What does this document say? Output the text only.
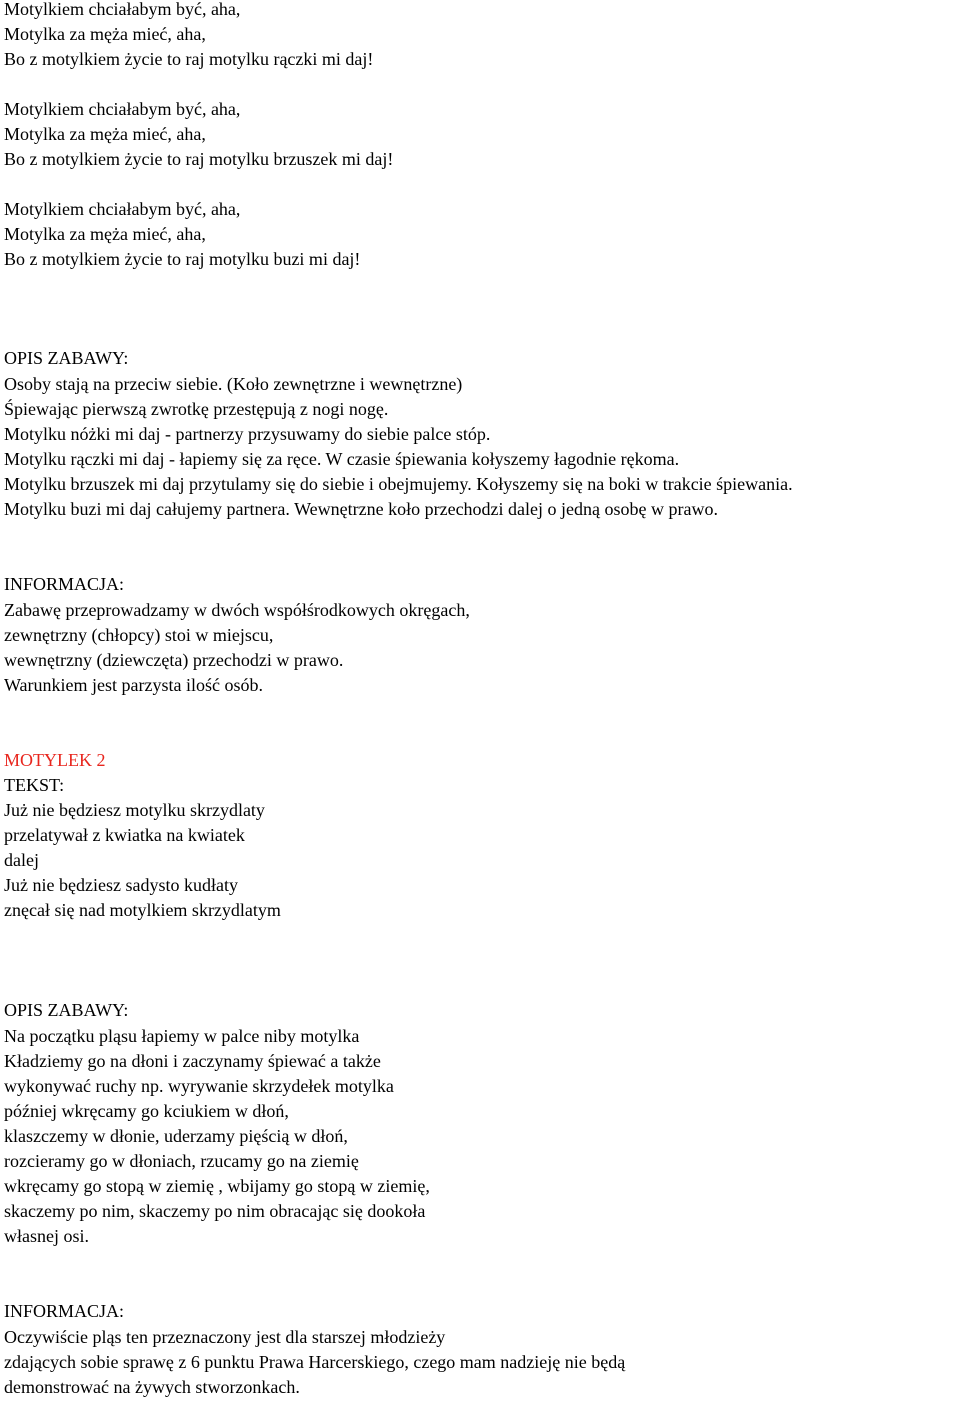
Motylkiem chciałabym być, aha,
Motylka za męża mieć, aha,
Bo z motylkiem życie to raj motylku rączki mi daj!
Motylkiem chciałabym być, aha,
Motylka za męża mieć, aha,
Bo z motylkiem życie to raj motylku brzuszek mi daj!
Motylkiem chciałabym być, aha,
Motylka za męża mieć, aha,
Bo z motylkiem życie to raj motylku buzi mi daj!
OPIS ZABAWY:
Osoby stają na przeciw siebie. (Koło zewnętrzne i wewnętrzne)
Śpiewając pierwszą zwrotkę przestępują z nogi nogę.
Motylku nóżki mi daj - partnerzy przysuwamy do siebie palce stóp.
Motylku rączki mi daj - łapiemy się za ręce. W czasie śpiewania kołyszemy łagodnie rękoma.
Motylku brzuszek mi daj przytulamy się do siebie i obejmujemy. Kołyszemy się na boki w trakcie śpiewania.
Motylku buzi mi daj całujemy partnera. Wewnętrzne koło przechodzi dalej o jedną osobę w prawo.
INFORMACJA:
Zabawę przeprowadzamy w dwóch współśrodkowych okręgach,
zewnętrzny (chłopcy) stoi w miejscu,
wewnętrzny (dziewczęta) przechodzi w prawo.
Warunkiem jest parzysta ilość osób.
MOTYLEK 2
TEKST:
Już nie będziesz motylku skrzydlaty
przelatywał z kwiatka na kwiatek
dalej
Już nie będziesz sadysto kudłaty
znęcał się nad motylkiem skrzydlatym
OPIS ZABAWY:
Na początku pląsu łapiemy w palce niby motylka
Kładziemy go na dłoni i zaczynamy śpiewać a także
wykonywać ruchy np. wyrywanie skrzydełek motylka
później wkręcamy go kciukiem w dłoń,
klaszczemy w dłonie, uderzamy pięścią w dłoń,
rozcieramy go w dłoniach, rzucamy go na ziemię
wkręcamy go stopą w ziemię , wbijamy go stopą w ziemię,
skaczemy po nim, skaczemy po nim obracając się dookoła
własnej osi.
INFORMACJA:
Oczywiście pląs ten przeznaczony jest dla starszej młodzieży
zdających sobie sprawę z 6 punktu Prawa Harcerskiego, czego mam nadzieję nie będą
demonstrować na żywych stworzonkach.
